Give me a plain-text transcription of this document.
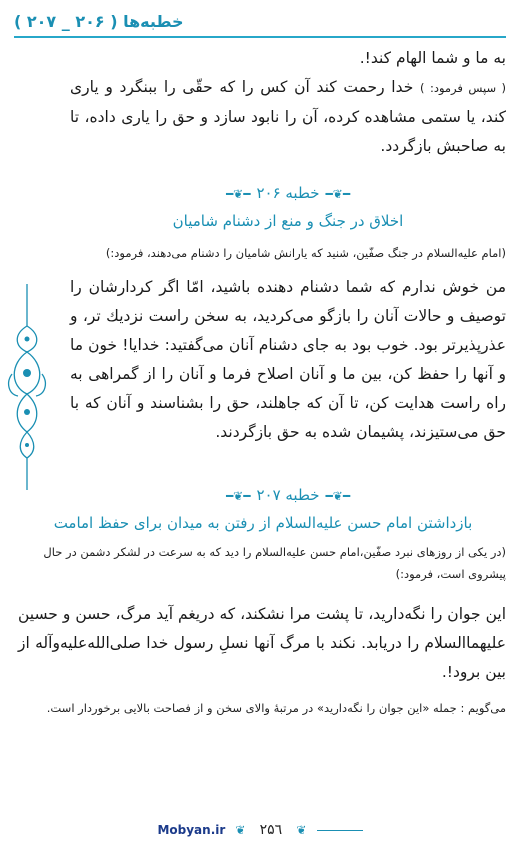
خطبه‌ها ( ۲۰۶ _ ۲۰۷ )

به ما و شما الهام کند!.

( سپس فرمود: ) خدا رحمت کند آن کس را که حقّی را ببنگرد و یاری کند، یا ستمی مشاهده کرده، آن را نابود سازد و حق را یاری داده، تا به صاحبش بازگردد.

━❦━خطبه ۲۰۶━❦━
اخلاق در جنگ و منع از دشنام شامیان

(امام علیه‌السلام در جنگ صفّین، شنید که یارانش شامیان را دشنام می‌دهند، فرمود:)

من خوش ندارم که شما دشنام دهنده باشید، امّا اگر کردارشان را توصیف و حالات آنان را بازگو می‌کردید، به سخن راست نزدیك تر، و عذرپذیرتر بود. خوب بود به جای دشنام آنان می‌گفتید: خدایا! خون ما و آنها را حفظ کن، بین ما و آنان اصلاح فرما و آنان را از گمراهی به راه راست هدایت کن، تا آن که جاهلند، حق را بشناسند و آنان که با حق می‌ستیزند، پشیمان شده به حق بازگردند.

━❦━خطبه ۲۰۷━❦━
بازداشتن امام حسن علیه‌السلام از رفتن به میدان برای حفظ امامت

(در یکی از روزهای نبرد صفّین،امام حسن علیه‌السلام را دید که به سرعت در لشکر دشمن در حال پیشروی است، فرمود:)

این جوان را نگه‌دارید، تا پشت مرا نشکند، که دریغم آید مرگ، حسن و حسین علیهماالسلام را دریابد. نکند با مرگ آنها نسلِ رسول خدا صلی‌الله‌علیه‌وآله از بین برود!.

می‌گویم : جمله «این جوان را نگه‌دارید» در مرتبهٔ والای سخن و از فصاحت بالایی برخوردار است.

Mobyan.ir ❦ ۲۵٦ ❦
